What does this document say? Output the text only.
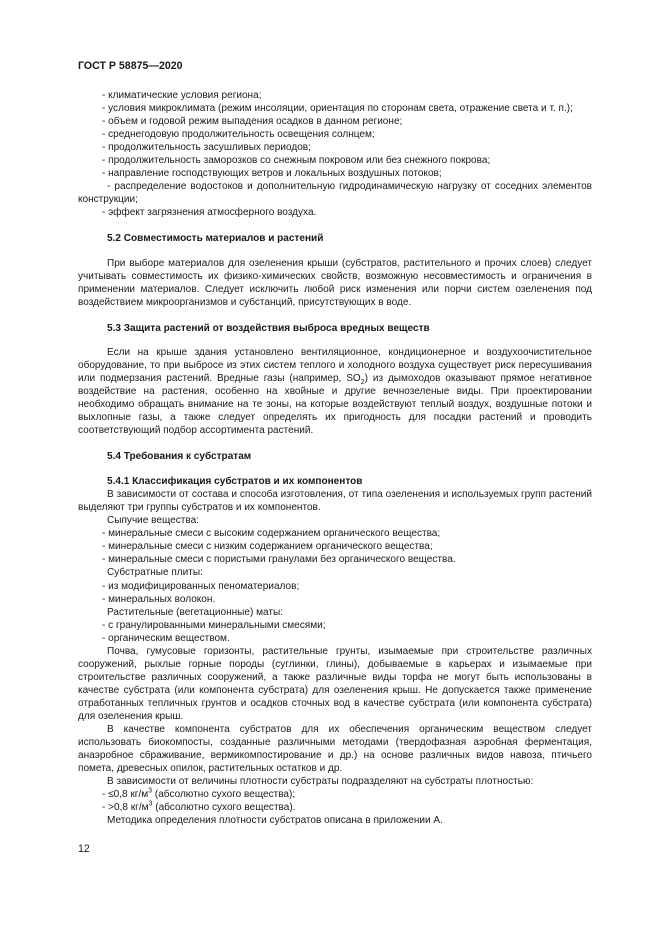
ГОСТ Р 58875—2020

- климатические условия региона;

- условия микроклимата (режим инсоляции, ориентация по сторонам света, отражение света и т. п.);

- объем и годовой режим выпадения осадков в данном регионе;

- среднегодовую продолжительность освещения солнцем;

- продолжительность засушливых периодов;

- продолжительность заморозков со снежным покровом или без снежного покрова;

- направление господствующих ветров и локальных воздушных потоков;

- распределение водостоков и дополнительную гидродинамическую нагрузку от соседних элементов конструкции;

- эффект загрязнения атмосферного воздуха.

5.2 Совместимость материалов и растений

При выборе материалов для озеленения крыши (субстратов, растительного и прочих слоев) следует учитывать совместимость их физико-химических свойств, возможную несовместимость и ограничения в применении материалов. Следует исключить любой риск изменения или порчи систем озеленения под воздействием микроорганизмов и субстанций, присутствующих в воде.

5.3 Защита растений от воздействия выброса вредных веществ

Если на крыше здания установлено вентиляционное, кондиционерное и воздухоочистительное оборудование, то при выбросе из этих систем теплого и холодного воздуха существует риск пересушивания или подмерзания растений. Вредные газы (например, $SO_2$) из дымоходов оказывают прямое негативное воздействие на растения, особенно на хвойные и другие вечнозеленые виды. При проектировании необходимо обращать внимание на те зоны, на которые воздействуют теплый воздух, воздушные потоки и выхлопные газы, а также следует определять их пригодность для посадки растений и проводить соответствующий подбор ассортимента растений.

5.4 Требования к субстратам

5.4.1 Классификация субстратов и их компонентов

В зависимости от состава и способа изготовления, от типа озеленения и используемых групп растений выделяют три группы субстратов и их компонентов.

Сыпучие вещества:

- минеральные смеси с высоким содержанием органического вещества;

- минеральные смеси с низким содержанием органического вещества;

- минеральные смеси с пористыми гранулами без органического вещества.

Субстратные плиты:

- из модифицированных пеноматериалов;

- минеральных волокон.

Растительные (вегетационные) маты:

- с гранулированными минеральными смесями;

- органическим веществом.

Почва, гумусовые горизонты, растительные грунты, изымаемые при строительстве различных сооружений, рыхлые горные породы (суглинки, глины), добываемые в карьерах и изымаемые при строительстве различных сооружений, а также различные виды торфа не могут быть использованы в качестве субстрата (или компонента субстрата) для озеленения крыш. Не допускается также применение отработанных тепличных грунтов и осадков сточных вод в качестве субстрата (или компонента субстрата) для озеленения крыш.

В качестве компонента субстратов для их обеспечения органическим веществом следует использовать биокомпосты, созданные различными методами (твердофазная аэробная ферментация, анаэробное сбраживание, вермикомпостирование и др.) на основе различных видов навоза, птичьего помета, древесных опилок, растительных остатков и др.

В зависимости от величины плотности субстраты подразделяют на субстраты плотностью:

- ≤0,8 $кг/м^3$ (абсолютно сухого вещества);

- >0,8 $кг/м^3$ (абсолютно сухого вещества).

Методика определения плотности субстратов описана в приложении А.

12
